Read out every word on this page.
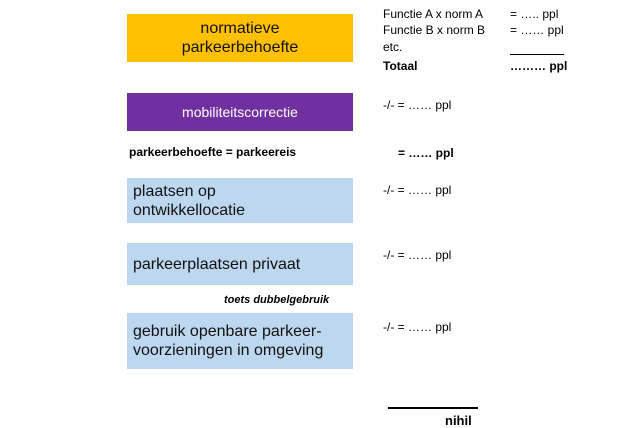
normatieve
parkeerbehoefte
mobiliteitscorrectie
parkeerbehoefte = parkeereis
plaatsen op
ontwikkellocatie
parkeerplaatsen privaat
toets dubbelgebruik
gebruik openbare parkeer-
voorzieningen in omgeving
Functie A x norm A = ….. ppl
Functie B x norm B = …… ppl
etc.
Totaal	……… ppl
-/- = …… ppl
= …… ppl
-/- = …… ppl
-/- = …… ppl
-/- = …… ppl
nihil
